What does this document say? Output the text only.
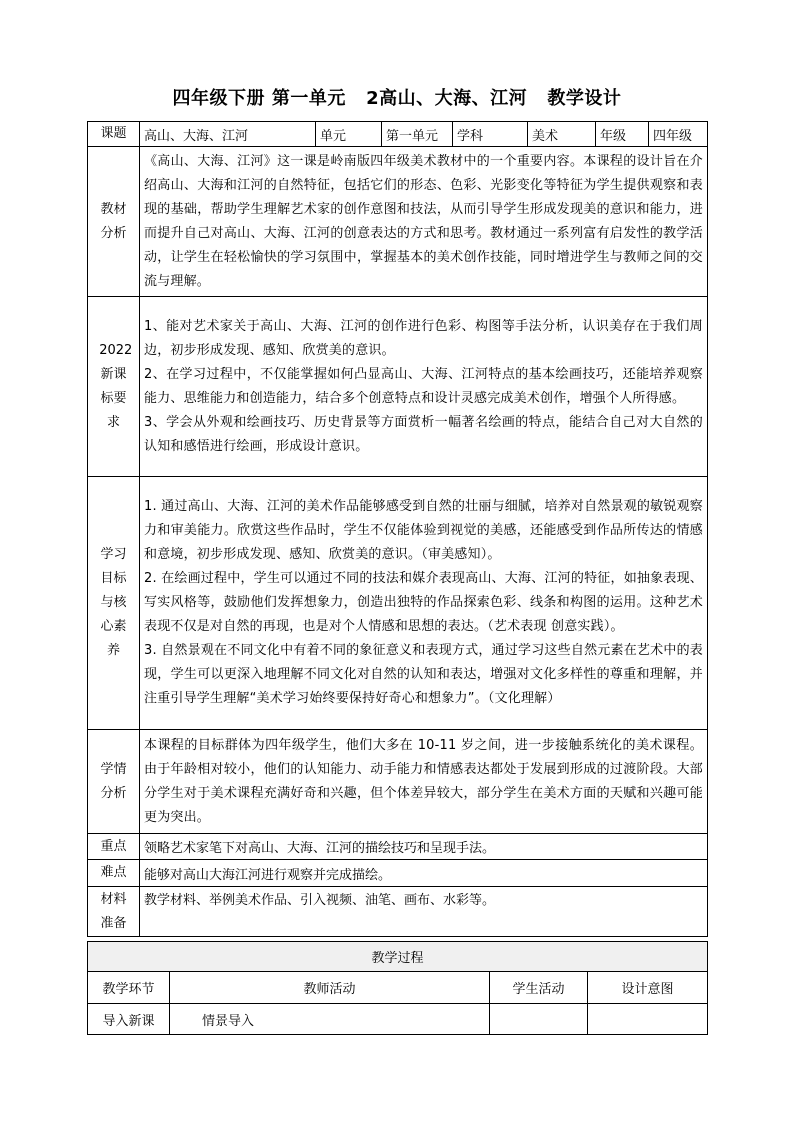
四年级下册 第一单元   2高山、大海、江河   教学设计
课题	高山、大海、江河	单元	第一单元	学科	美术	年级	四年级

教材分析	《高山、大海、江河》这一课是岭南版四年级美术教材中的一个重要内容。本课程的设计旨在介绍高山、大海和江河的自然特征，包括它们的形态、色彩、光影变化等特征为学生提供观察和表现的基础，帮助学生理解艺术家的创作意图和技法，从而引导学生形成发现美的意识和能力，进而提升自己对高山、大海、江河的创意表达的方式和思考。教材通过一系列富有启发性的教学活动，让学生在轻松愉快的学习氛围中，掌握基本的美术创作技能，同时增进学生与教师之间的交流与理解。						

2022新课标要求	1、能对艺术家关于高山、大海、江河的创作进行色彩、构图等手法分析，认识美存在于我们周边，初步形成发现、感知、欣赏美的意识。
2、在学习过程中，不仅能掌握如何凸显高山、大海、江河特点的基本绘画技巧，还能培养观察能力、思维能力和创造能力，结合多个创意特点和设计灵感完成美术创作，增强个人所得感。
3、学会从外观和绘画技巧、历史背景等方面赏析一幅著名绘画的特点，能结合自己对大自然的认知和感悟进行绘画，形成设计意识。						

学习目标与核心素养	1. 通过高山、大海、江河的美术作品能够感受到自然的壮丽与细腻，培养对自然景观的敏锐观察力和审美能力。欣赏这些作品时，学生不仅能体验到视觉的美感，还能感受到作品所传达的情感和意境，初步形成发现、感知、欣赏美的意识。（审美感知）。
2. 在绘画过程中，学生可以通过不同的技法和媒介表现高山、大海、江河的特征，如抽象表现、写实风格等，鼓励他们发挥想象力，创造出独特的作品探索色彩、线条和构图的运用。这种艺术表现不仅是对自然的再现，也是对个人情感和思想的表达。（艺术表现 创意实践）。
3. 自然景观在不同文化中有着不同的象征意义和表现方式，通过学习这些自然元素在艺术中的表现，学生可以更深入地理解不同文化对自然的认知和表达，增强对文化多样性的尊重和理解，并注重引导学生理解“美术学习始终要保持好奇心和想象力”。（文化理解）						

学情分析	本课程的目标群体为四年级学生，他们大多在 10-11 岁之间，进一步接触系统化的美术课程。由于年龄相对较小，他们的认知能力、动手能力和情感表达都处于发展到形成的过渡阶段。大部分学生对于美术课程充满好奇和兴趣，但个体差异较大，部分学生在美术方面的天赋和兴趣可能更为突出。						
重点	领略艺术家笔下对高山、大海、江河的描绘技巧和呈现手法。						
难点	能够对高山大海江河进行观察并完成描绘。						

材料准备	教学材料、举例美术作品、引入视频、油笔、画布、水彩等。						
教学过程			
教学环节	教师活动	学生活动	设计意图
导入新课	情景导入		
